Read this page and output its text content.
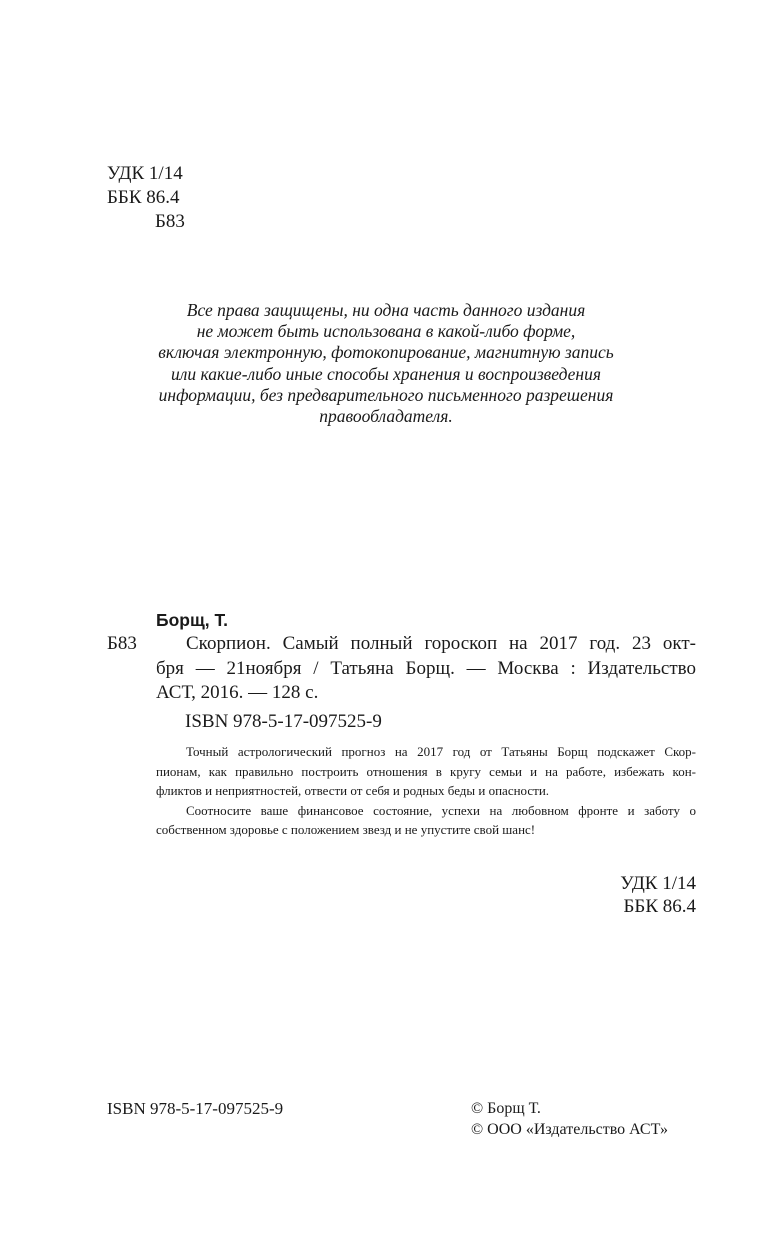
УДК 1/14
ББК 86.4
Б83
Все права защищены, ни одна часть данного издания
не может быть использована в какой-либо форме,
включая электронную, фотокопирование, магнитную запись
или какие-либо иные способы хранения и воспроизведения
информации, без предварительного письменного разрешения
правообладателя.
Борщ, Т.
Б83	Скорпион. Самый полный гороскоп на 2017 год. 23 окт-
бря — 21ноября / Татьяна Борщ. — Москва : Издательство
АСТ, 2016. — 128 с.
ISBN 978-5-17-097525-9
Точный астрологический прогноз на 2017 год от Татьяны Борщ подскажет Скор-
пионам, как правильно построить отношения в кругу семьи и на работе, избежать кон-
фликтов и неприятностей, отвести от себя и родных беды и опасности.
Соотносите ваше финансовое состояние, успехи на любовном фронте и заботу о
собственном здоровье с положением звезд и не упустите свой шанс!
УДК 1/14
ББК 86.4
ISBN 978-5-17-097525-9	© Борщ Т.
© ООО «Издательство АСТ»
